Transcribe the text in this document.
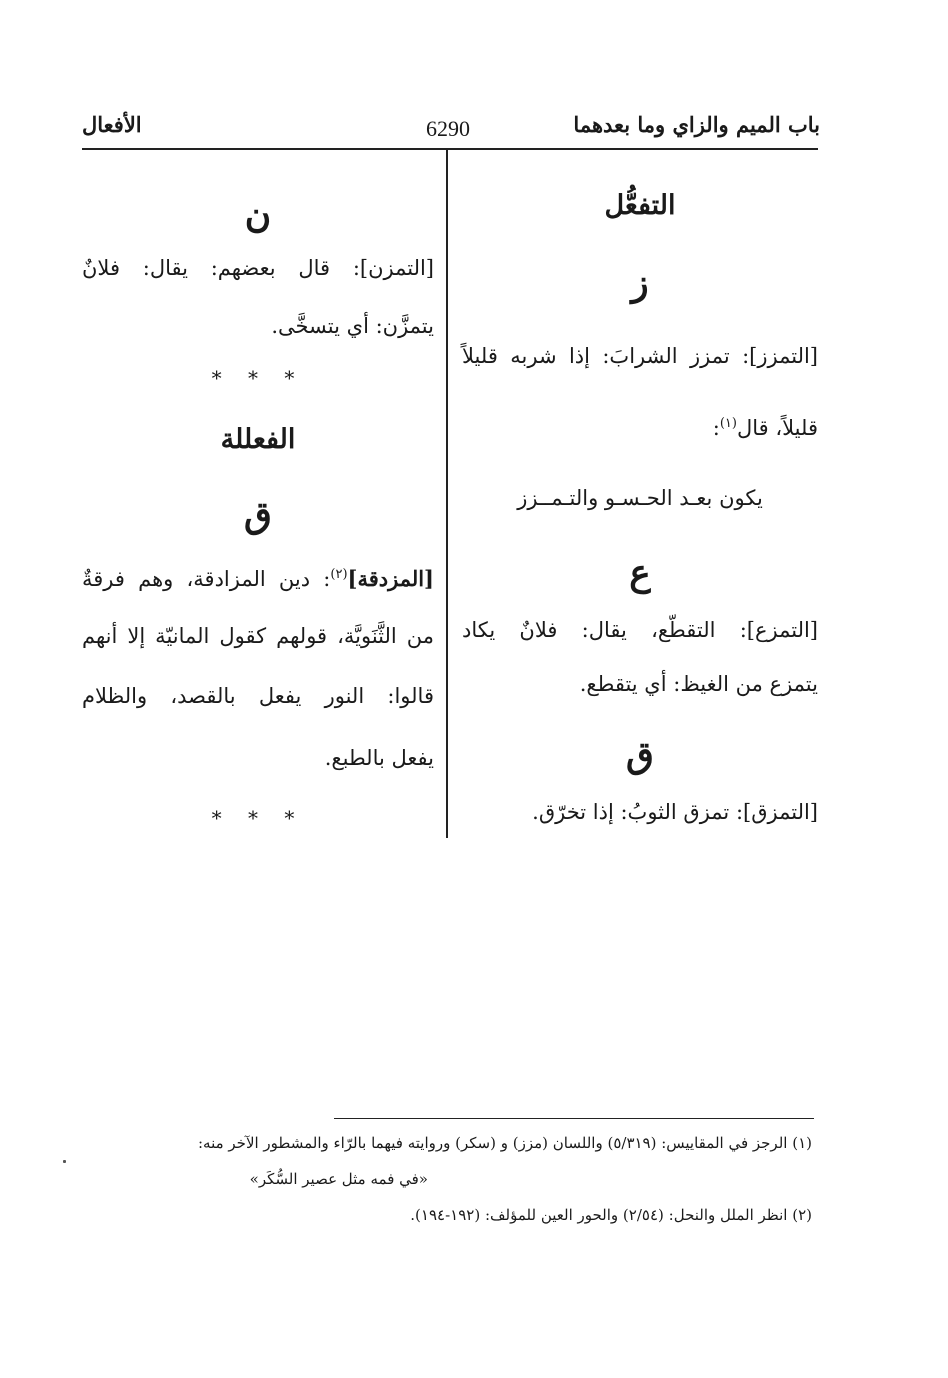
باب الميم والزاي وما بعدهما
6290
الأفعال
التفعُّل
ز
[التمزز]: تمزز الشرابَ: إذا شربه قليلاً
قليلاً، قال$^{(١)}$:
يكون بعـد الحـسـو والتـمــزز
ع
[التمزع]: التقطّع، يقال: فلانٌ يكاد
يتمزع من الغيظ: أي يتقطع.
ق
[التمزق]: تمزق الثوبُ: إذا تخرّق.
ن
[التمزن]: قال بعضهم: يقال: فلانٌ
يتمزَّن: أي يتسخَّى.
* * *
الفعللة
ق
[المزدقة]$^{(٢)}$: دين المزادقة، وهم فرقةٌ
من الثَّنَويَّة، قولهم كقول المانيّة إلا أنهم
قالوا: النور يفعل بالقصد، والظلام
يفعل بالطبع.
* * *
(١) الرجز في المقاييس: (٥/٣١٩) واللسان (مزز) و (سكر) وروايته فيهما بالرّاء والمشطور الآخر منه:
«في فمه مثل عصير السُّكَر»
(٢) انظر الملل والنحل: (٢/٥٤) والحور العين للمؤلف: (١٩٢-١٩٤).
